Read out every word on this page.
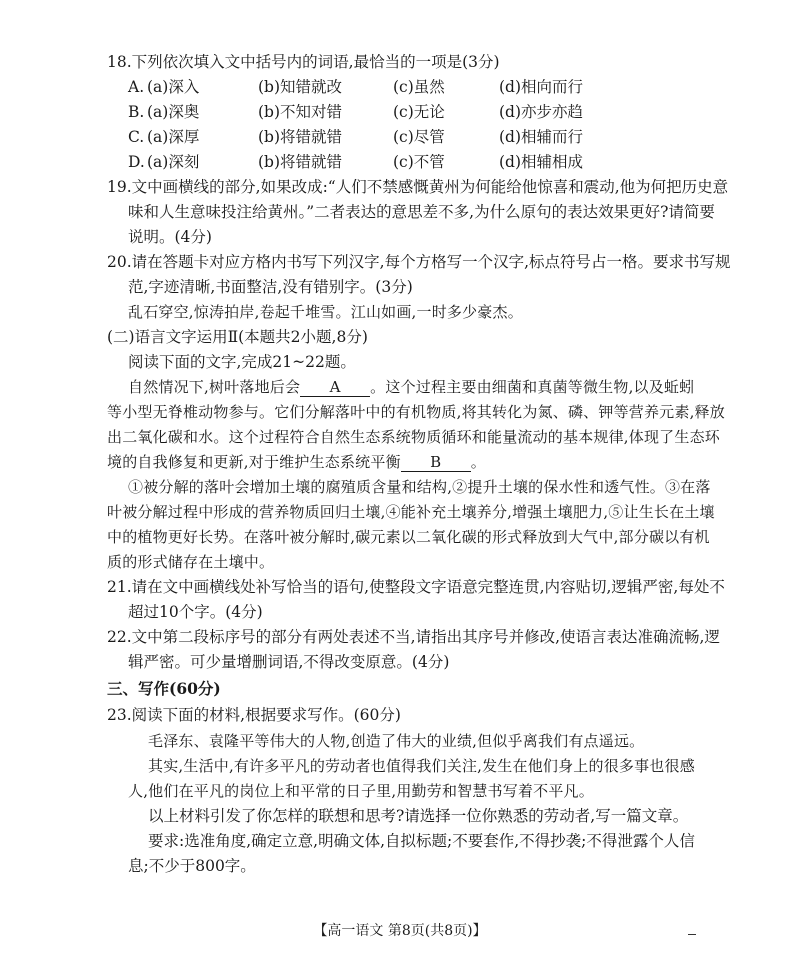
18.下列依次填入文中括号内的词语,最恰当的一项是(3分)
A. (a)深入	(b)知错就改	(c)虽然	(d)相向而行
B. (a)深奥	(b)不知对错	(c)无论	(d)亦步亦趋
C. (a)深厚	(b)将错就错	(c)尽管	(d)相辅而行
D. (a)深刻	(b)将错就错	(c)不管	(d)相辅相成
19.文中画横线的部分,如果改成:“人们不禁感慨黄州为何能给他惊喜和震动,他为何把历史意
味和人生意味投注给黄州。”二者表达的意思差不多,为什么原句的表达效果更好?请简要
说明。(4分)
20.请在答题卡对应方格内书写下列汉字,每个方格写一个汉字,标点符号占一格。要求书写规
范,字迹清晰,书面整洁,没有错别字。(3分)
乱石穿空,惊涛拍岸,卷起千堆雪。江山如画,一时多少豪杰。
(二)语言文字运用Ⅱ(本题共2小题,8分)
阅读下面的文字,完成21~22题。
自然情况下,树叶落地后会 A 。这个过程主要由细菌和真菌等微生物,以及蚯蚓
等小型无脊椎动物参与。它们分解落叶中的有机物质,将其转化为氮、磷、钾等营养元素,释放
出二氧化碳和水。这个过程符合自然生态系统物质循环和能量流动的基本规律,体现了生态环
境的自我修复和更新,对于维护生态系统平衡 B 。
①被分解的落叶会增加土壤的腐殖质含量和结构,②提升土壤的保水性和透气性。③在落
叶被分解过程中形成的营养物质回归土壤,④能补充土壤养分,增强土壤肥力,⑤让生长在土壤
中的植物更好长势。在落叶被分解时,碳元素以二氧化碳的形式释放到大气中,部分碳以有机
质的形式储存在土壤中。
21.请在文中画横线处补写恰当的语句,使整段文字语意完整连贯,内容贴切,逻辑严密,每处不
超过10个字。(4分)
22.文中第二段标序号的部分有两处表述不当,请指出其序号并修改,使语言表达准确流畅,逻
辑严密。可少量增删词语,不得改变原意。(4分)
三、写作(60分)
23.阅读下面的材料,根据要求写作。(60分)
毛泽东、袁隆平等伟大的人物,创造了伟大的业绩,但似乎离我们有点遥远。
其实,生活中,有许多平凡的劳动者也值得我们关注,发生在他们身上的很多事也很感
人,他们在平凡的岗位上和平常的日子里,用勤劳和智慧书写着不平凡。
以上材料引发了你怎样的联想和思考?请选择一位你熟悉的劳动者,写一篇文章。
要求:选准角度,确定立意,明确文体,自拟标题;不要套作,不得抄袭;不得泄露个人信
息;不少于800字。
【高一语文 第8页(共8页)】
